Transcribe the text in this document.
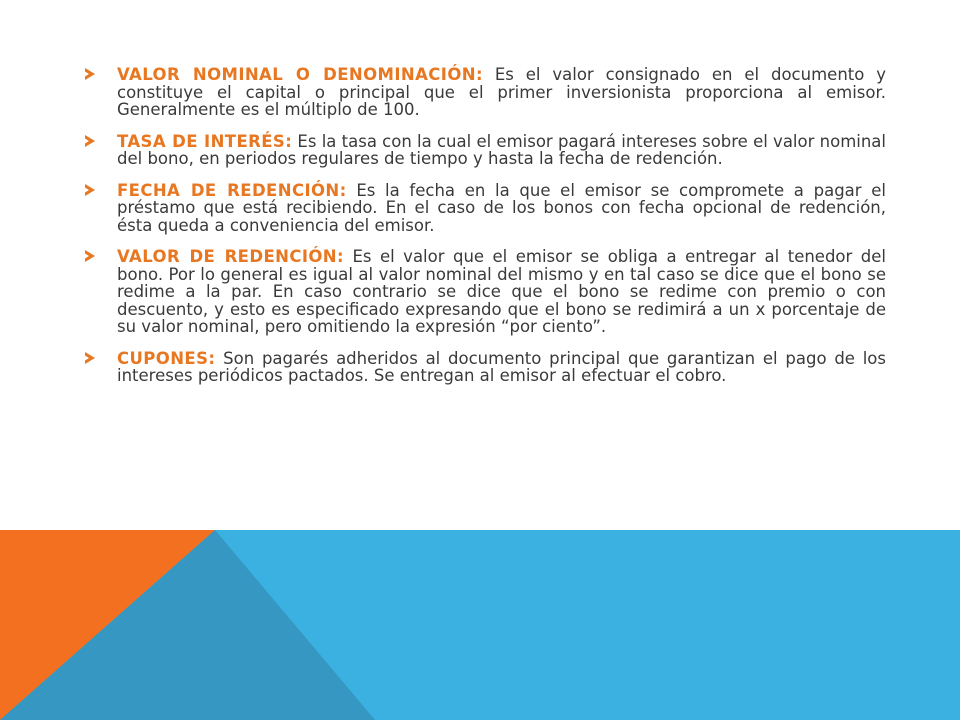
VALOR NOMINAL O DENOMINACIÓN: Es el valor consignado en el documento y constituye el capital o principal que el primer inversionista proporciona al emisor. Generalmente es el múltiplo de 100.
TASA DE INTERÉS: Es la tasa con la cual el emisor pagará intereses sobre el valor nominal del bono, en periodos regulares de tiempo y hasta la fecha de redención.
FECHA DE REDENCIÓN: Es la fecha en la que el emisor se compromete a pagar el préstamo que está recibiendo. En el caso de los bonos con fecha opcional de redención, ésta queda a conveniencia del emisor.
VALOR DE REDENCIÓN: Es el valor que el emisor se obliga a entregar al tenedor del bono. Por lo general es igual al valor nominal del mismo y en tal caso se dice que el bono se redime a la par. En caso contrario se dice que el bono se redime con premio o con descuento, y esto es especificado expresando que el bono se redimirá a un x porcentaje de su valor nominal, pero omitiendo la expresión “por ciento”.
CUPONES: Son pagarés adheridos al documento principal que garantizan el pago de los intereses periódicos pactados. Se entregan al emisor al efectuar el cobro.
